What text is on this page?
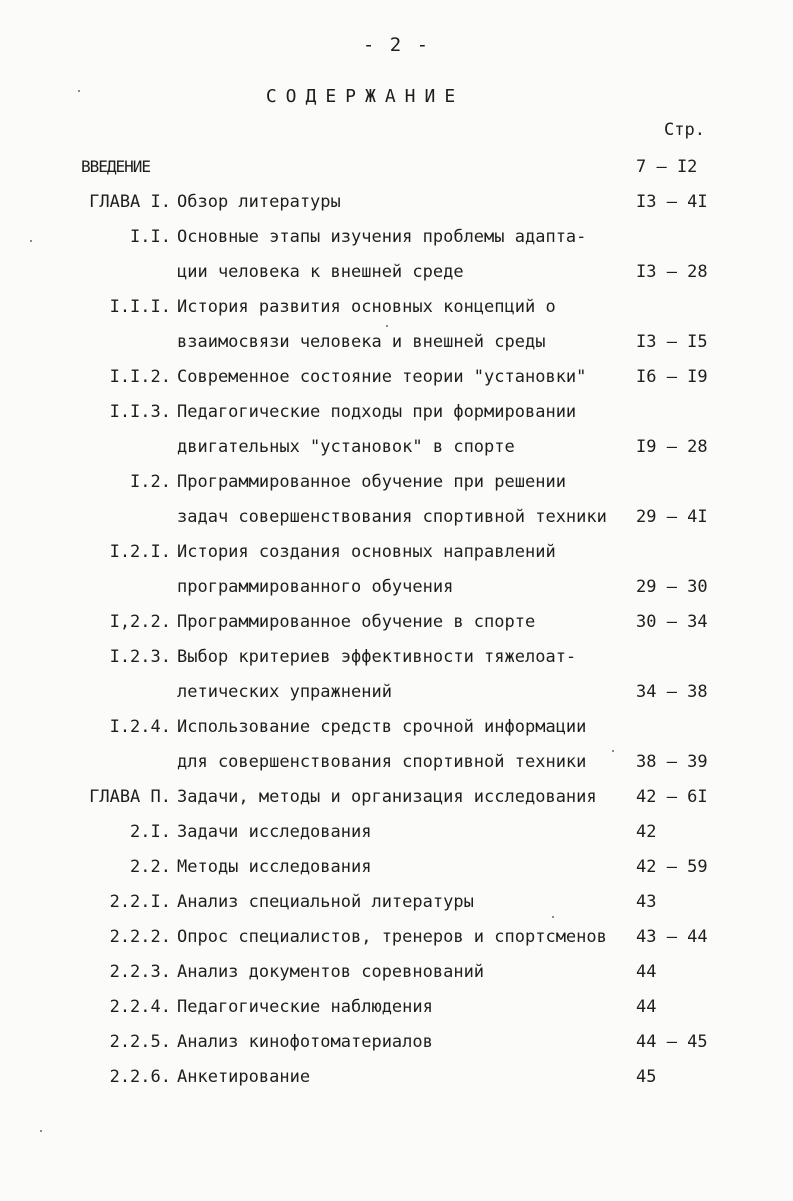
- 2 -
СОДЕРЖАНИЕ
Стр.
ВВЕДЕНИЕ	7 – I2
ГЛАВА I. Обзор литературы	I3 – 4I
I.I. Основные этапы изучения проблемы адапта-
ции человека к внешней среде	I3 – 28
I.I.I. История развития основных концепций о
взаимосвязи человека и внешней среды	I3 – I5
I.I.2. Современное состояние теории "установки"	I6 – I9
I.I.3. Педагогические подходы при формировании
двигательных "установок" в спорте	I9 – 28
I.2. Программированное обучение при решении
задач совершенствования спортивной техники 29 – 4I
I.2.I. История создания основных направлений
программированного обучения	29 – 30
I,2.2. Программированное обучение в спорте	30 – 34
I.2.3. Выбор критериев эффективности тяжелоат-
летических упражнений	34 – 38
I.2.4. Использование средств срочной информации
для совершенствования спортивной техники	38 – 39
ГЛАВА П. Задачи, методы и организация исследования 42 – 6I
2.I. Задачи исследования	42
2.2. Методы исследования	42 – 59
2.2.I. Анализ специальной литературы	43
2.2.2. Опрос специалистов, тренеров и спортсменов 43 – 44
2.2.3. Анализ документов соревнований	44
2.2.4. Педагогические наблюдения	44
2.2.5. Анализ кинофотоматериалов	44 – 45
2.2.6. Анкетирование	45
